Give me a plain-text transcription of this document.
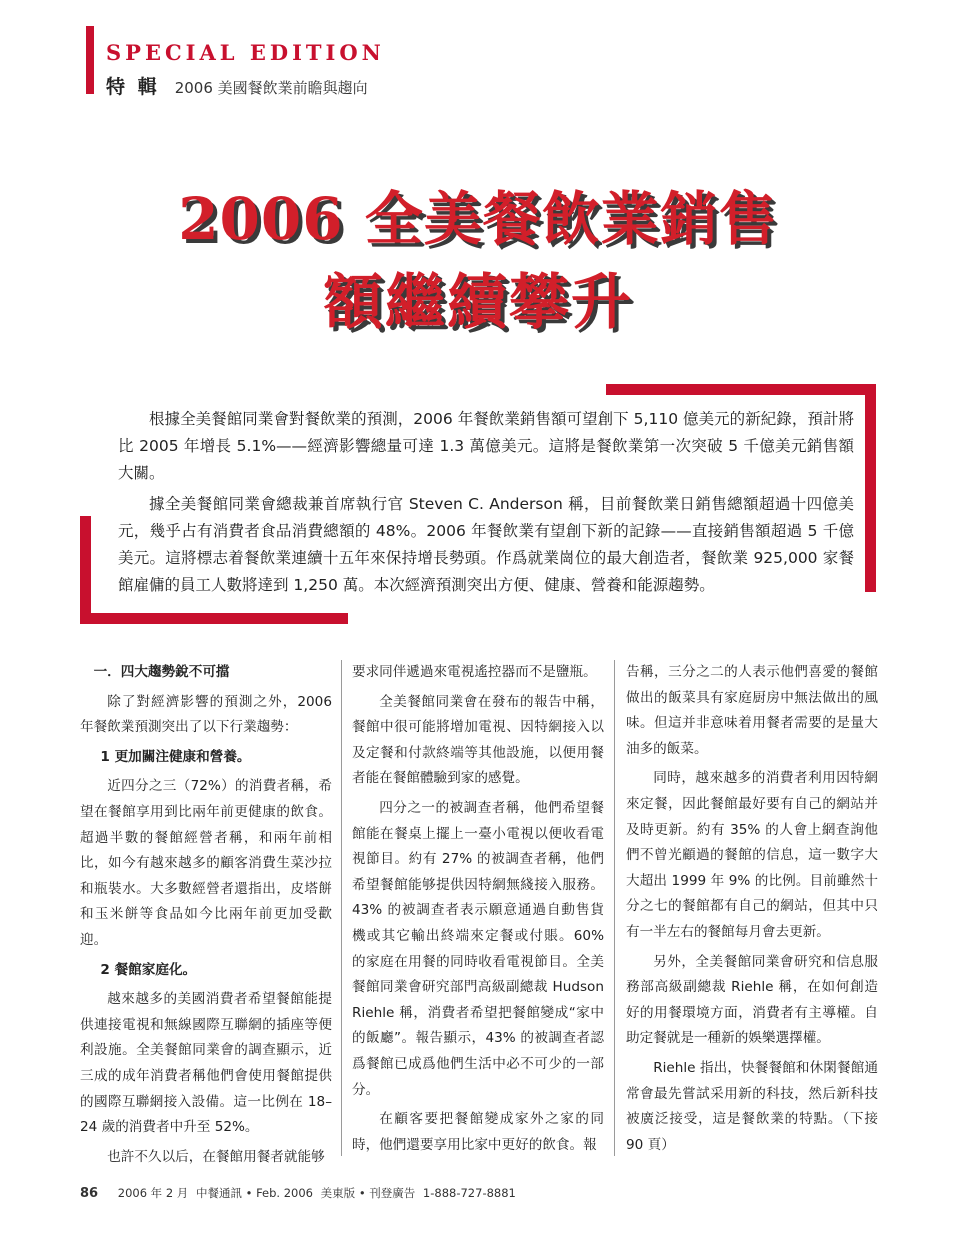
SPECIAL EDITION
特 輯 2006 美國餐飲業前瞻與趨向
2006 全美餐飲業銷售
額繼續攀升

根據全美餐館同業會對餐飲業的預測，2006 年餐飲業銷售額可望創下 5,110 億美元的新紀錄，預計將比 2005 年增長 5.1%——經濟影響總量可達 1.3 萬億美元。這將是餐飲業第一次突破 5 千億美元銷售額大關。

據全美餐館同業會總裁兼首席執行官 Steven C. Anderson 稱，目前餐飲業日銷售總額超過十四億美元，幾乎占有消費者食品消費總額的 48%。2006 年餐飲業有望創下新的記錄——直接銷售額超過 5 千億美元。這將標志着餐飲業連續十五年來保持增長勢頭。作爲就業崗位的最大創造者，餐飲業 925,000 家餐館雇傭的員工人數將達到 1,250 萬。本次經濟預測突出方便、健康、營養和能源趨勢。

一．四大趨勢銳不可擋

除了對經濟影響的預測之外，2006 年餐飲業預測突出了以下行業趨勢：

1 更加關注健康和營養。

近四分之三（72%）的消費者稱，希望在餐館享用到比兩年前更健康的飲食。超過半數的餐館經營者稱，和兩年前相比，如今有越來越多的顧客消費生菜沙拉和瓶裝水。大多數經營者還指出，皮塔餅和玉米餅等食品如今比兩年前更加受歡迎。

2 餐館家庭化。

越來越多的美國消費者希望餐館能提供連接電視和無線國際互聯網的插座等便利設施。全美餐館同業會的調查顯示，近三成的成年消費者稱他們會使用餐館提供的國際互聯網接入設備。這一比例在 18–24 歲的消費者中升至 52%。

也許不久以后，在餐館用餐者就能够

要求同伴遞過來電視遙控器而不是鹽瓶。

全美餐館同業會在發布的報告中稱，餐館中很可能將增加電視、因特網接入以及定餐和付款終端等其他設施，以便用餐者能在餐館體驗到家的感覺。

四分之一的被調查者稱，他們希望餐館能在餐桌上擺上一臺小電視以便收看電視節目。約有 27% 的被調查者稱，他們希望餐館能够提供因特網無綫接入服務。43% 的被調查者表示願意通過自動售貨機或其它輸出終端來定餐或付賬。60% 的家庭在用餐的同時收看電視節目。全美餐館同業會研究部門高級副總裁 Hudson Riehle 稱，消費者希望把餐館變成“家中的飯廳”。報告顯示，43% 的被調查者認爲餐館已成爲他們生活中必不可少的一部分。

在顧客要把餐館變成家外之家的同時，他們還要享用比家中更好的飲食。報

告稱，三分之二的人表示他們喜愛的餐館做出的飯菜具有家庭厨房中無法做出的風味。但這并非意味着用餐者需要的是量大油多的飯菜。

同時，越來越多的消費者利用因特網來定餐，因此餐館最好要有自己的網站并及時更新。約有 35% 的人會上網查詢他們不曾光顧過的餐館的信息，這一數字大大超出 1999 年 9% 的比例。目前雖然十分之七的餐館都有自己的網站，但其中只有一半左右的餐館每月會去更新。

另外，全美餐館同業會研究和信息服務部高級副總裁 Riehle 稱，在如何創造好的用餐環境方面，消費者有主導權。自助定餐就是一種新的娛樂選擇權。

Riehle 指出，快餐餐館和休閑餐館通常會最先嘗試采用新的科技，然后新科技被廣泛接受，這是餐飲業的特點。（下接 90 頁）

86 2006 年 2 月 中餐通訊 • Feb. 2006 美東版 • 刊登廣告 1-888-727-8881
